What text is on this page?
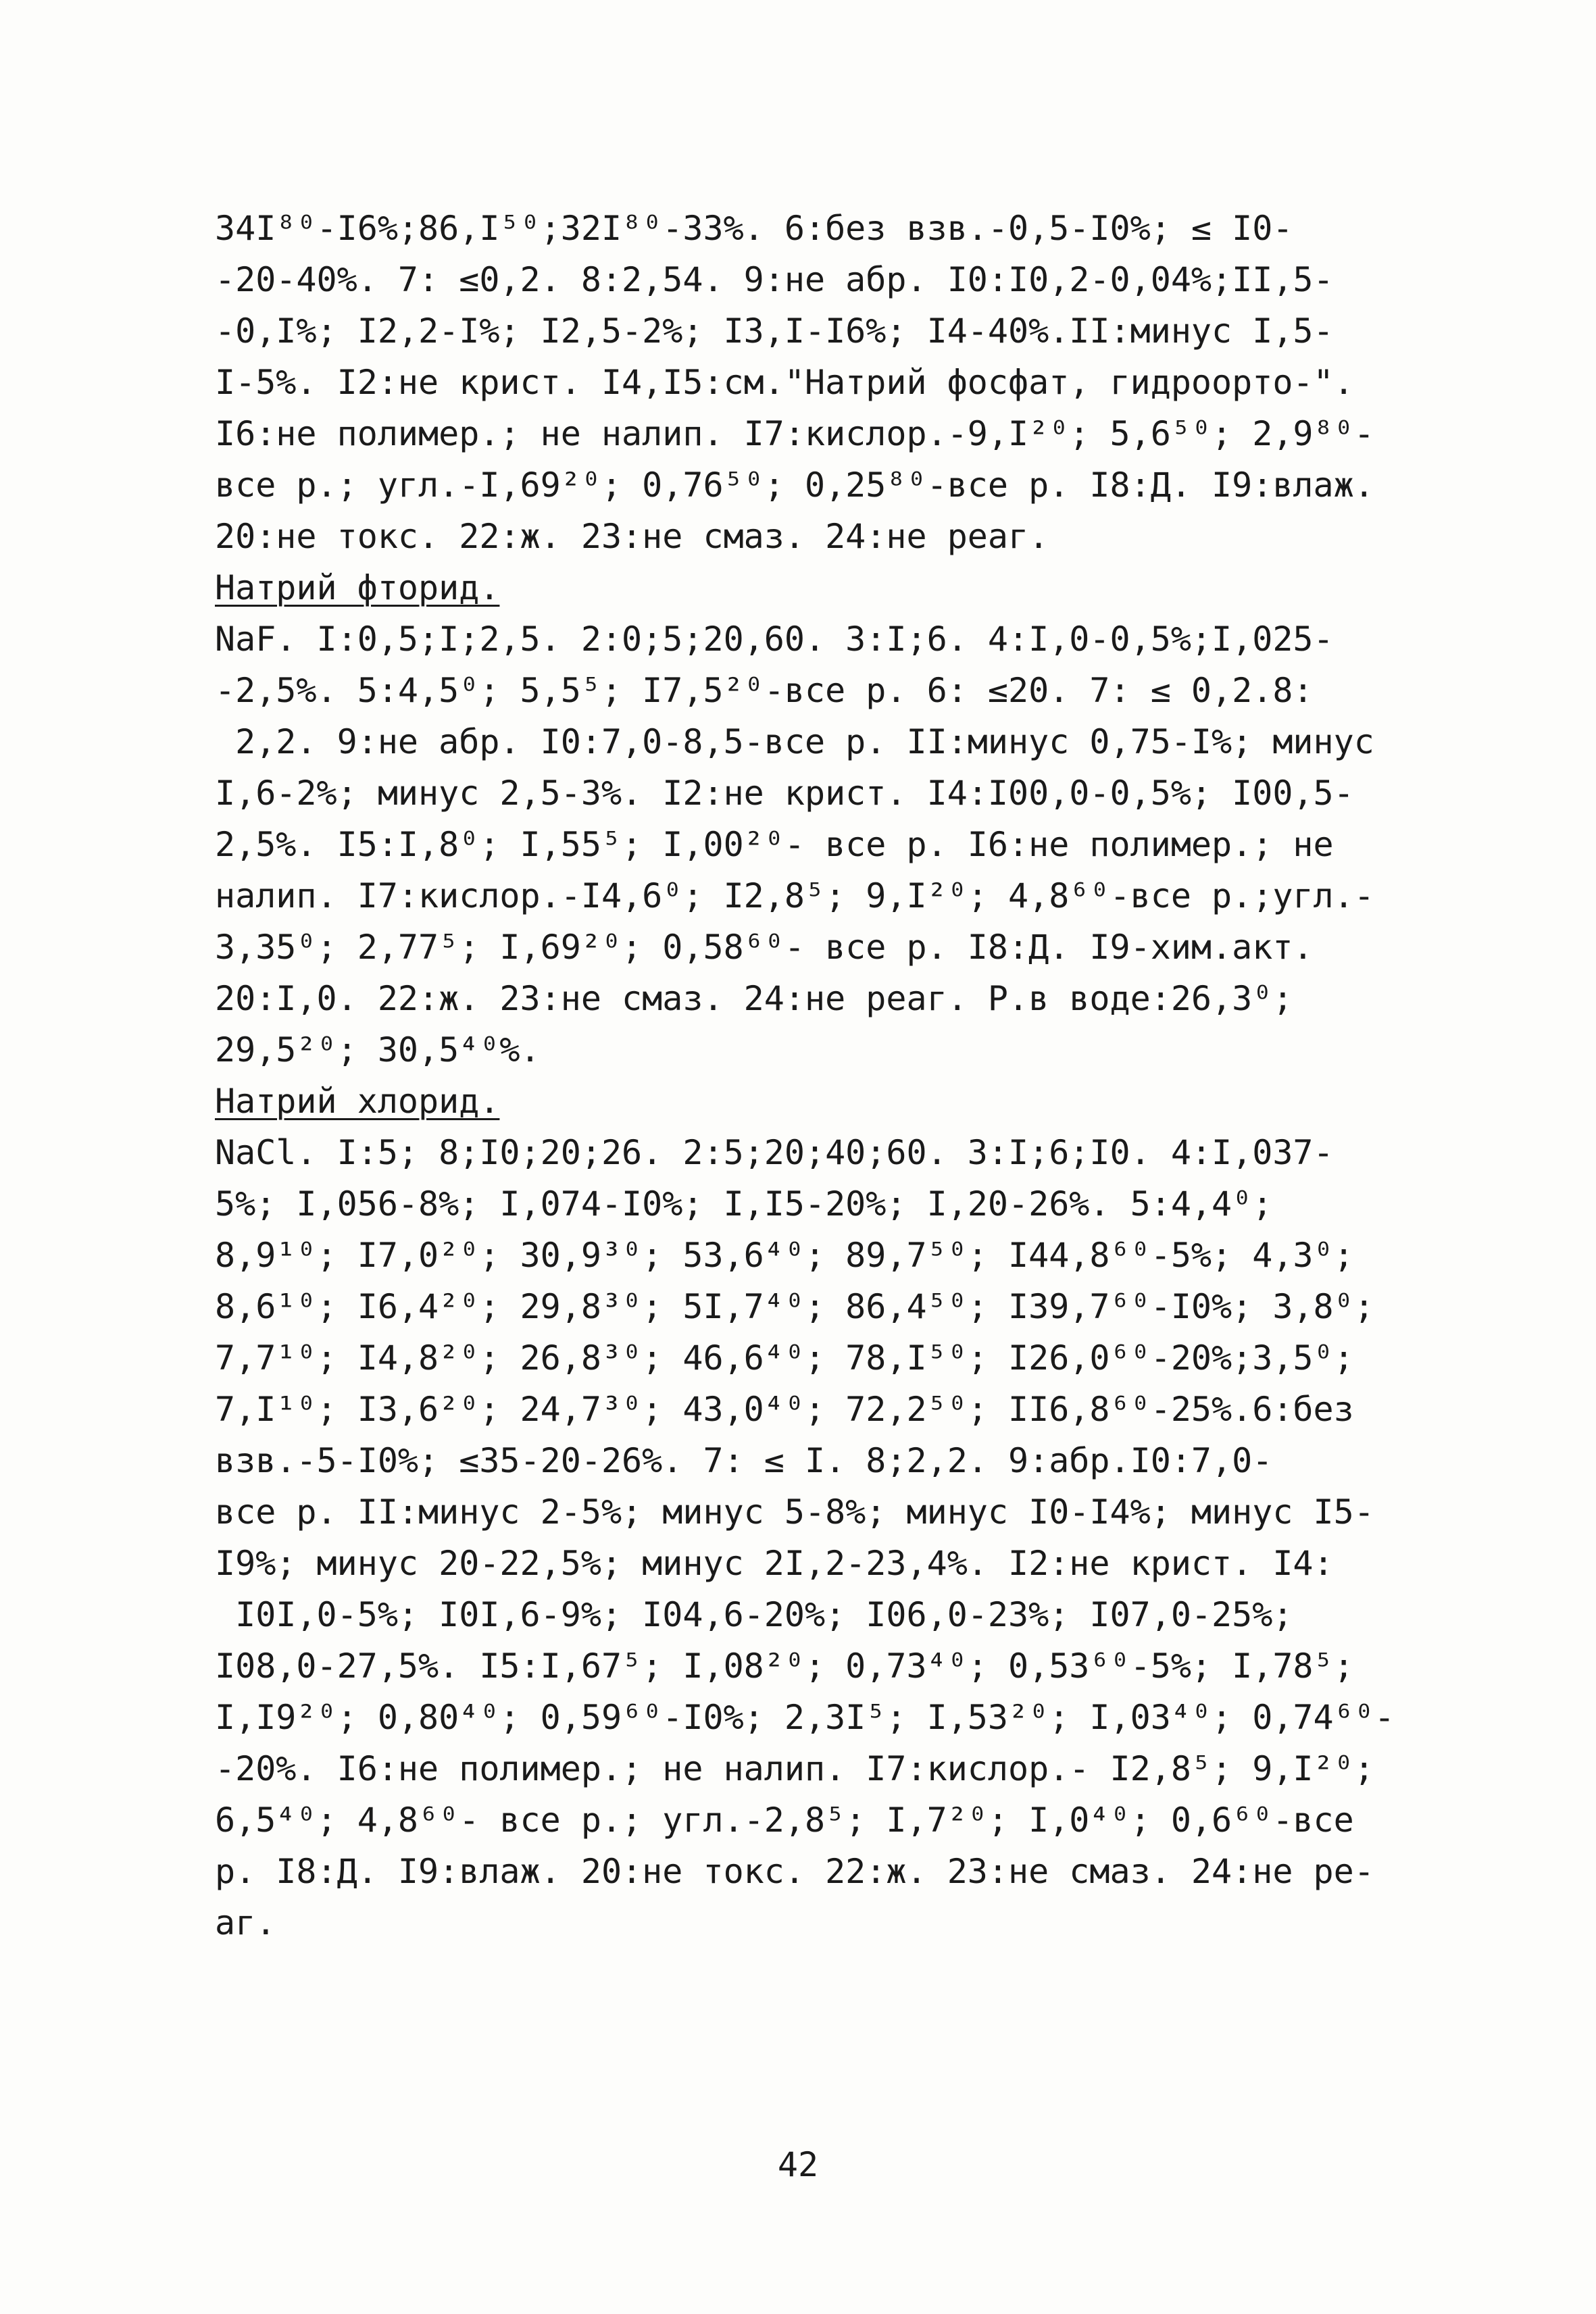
34I⁸⁰-I6%;86,I⁵⁰;32I⁸⁰-33%. 6:без взв.-0,5-I0%; ≤ I0-
-20-40%. 7: ≤0,2. 8:2,54. 9:не абр. I0:I0,2-0,04%;II,5-
-0,I%; I2,2-I%; I2,5-2%; I3,I-I6%; I4-40%.II:минус I,5-
I-5%. I2:не крист. I4,I5:см."Натрий фосфат, гидроорто-".
I6:не полимер.; не налип. I7:кислор.-9,I²⁰; 5,6⁵⁰; 2,9⁸⁰-
все р.; угл.-I,69²⁰; 0,76⁵⁰; 0,25⁸⁰-все р. I8:Д. I9:влаж.
20:не токс. 22:ж. 23:не смаз. 24:не реаг.
Натрий фторид.
NaF. I:0,5;I;2,5. 2:0;5;20,60. 3:I;6. 4:I,0-0,5%;I,025-
-2,5%. 5:4,5⁰; 5,5⁵; I7,5²⁰-все р. 6: ≤20. 7: ≤ 0,2.8:
2,2. 9:не абр. I0:7,0-8,5-все р. II:минус 0,75-I%; минус
I,6-2%; минус 2,5-3%. I2:не крист. I4:I00,0-0,5%; I00,5-
2,5%. I5:I,8⁰; I,55⁵; I,00²⁰- все р. I6:не полимер.; не
налип. I7:кислор.-I4,6⁰; I2,8⁵; 9,I²⁰; 4,8⁶⁰-все р.;угл.-
3,35⁰; 2,77⁵; I,69²⁰; 0,58⁶⁰- все р. I8:Д. I9-хим.акт.
20:I,0. 22:ж. 23:не смаз. 24:не реаг. Р.в воде:26,3⁰;
29,5²⁰; 30,5⁴⁰%.
Натрий хлорид.
NaCl. I:5; 8;I0;20;26. 2:5;20;40;60. 3:I;6;I0. 4:I,037-
5%; I,056-8%; I,074-I0%; I,I5-20%; I,20-26%. 5:4,4⁰;
8,9¹⁰; I7,0²⁰; 30,9³⁰; 53,6⁴⁰; 89,7⁵⁰; I44,8⁶⁰-5%; 4,3⁰;
8,6¹⁰; I6,4²⁰; 29,8³⁰; 5I,7⁴⁰; 86,4⁵⁰; I39,7⁶⁰-I0%; 3,8⁰;
7,7¹⁰; I4,8²⁰; 26,8³⁰; 46,6⁴⁰; 78,I⁵⁰; I26,0⁶⁰-20%;3,5⁰;
7,I¹⁰; I3,6²⁰; 24,7³⁰; 43,0⁴⁰; 72,2⁵⁰; II6,8⁶⁰-25%.6:без
взв.-5-I0%; ≤35-20-26%. 7: ≤ I. 8;2,2. 9:абр.I0:7,0-
все р. II:минус 2-5%; минус 5-8%; минус I0-I4%; минус I5-
I9%; минус 20-22,5%; минус 2I,2-23,4%. I2:не крист. I4:
I0I,0-5%; I0I,6-9%; I04,6-20%; I06,0-23%; I07,0-25%;
I08,0-27,5%. I5:I,67⁵; I,08²⁰; 0,73⁴⁰; 0,53⁶⁰-5%; I,78⁵;
I,I9²⁰; 0,80⁴⁰; 0,59⁶⁰-I0%; 2,3I⁵; I,53²⁰; I,03⁴⁰; 0,74⁶⁰-
-20%. I6:не полимер.; не налип. I7:кислор.- I2,8⁵; 9,I²⁰;
6,5⁴⁰; 4,8⁶⁰- все р.; угл.-2,8⁵; I,7²⁰; I,0⁴⁰; 0,6⁶⁰-все
р. I8:Д. I9:влаж. 20:не токс. 22:ж. 23:не смаз. 24:не ре-
аг.
42
